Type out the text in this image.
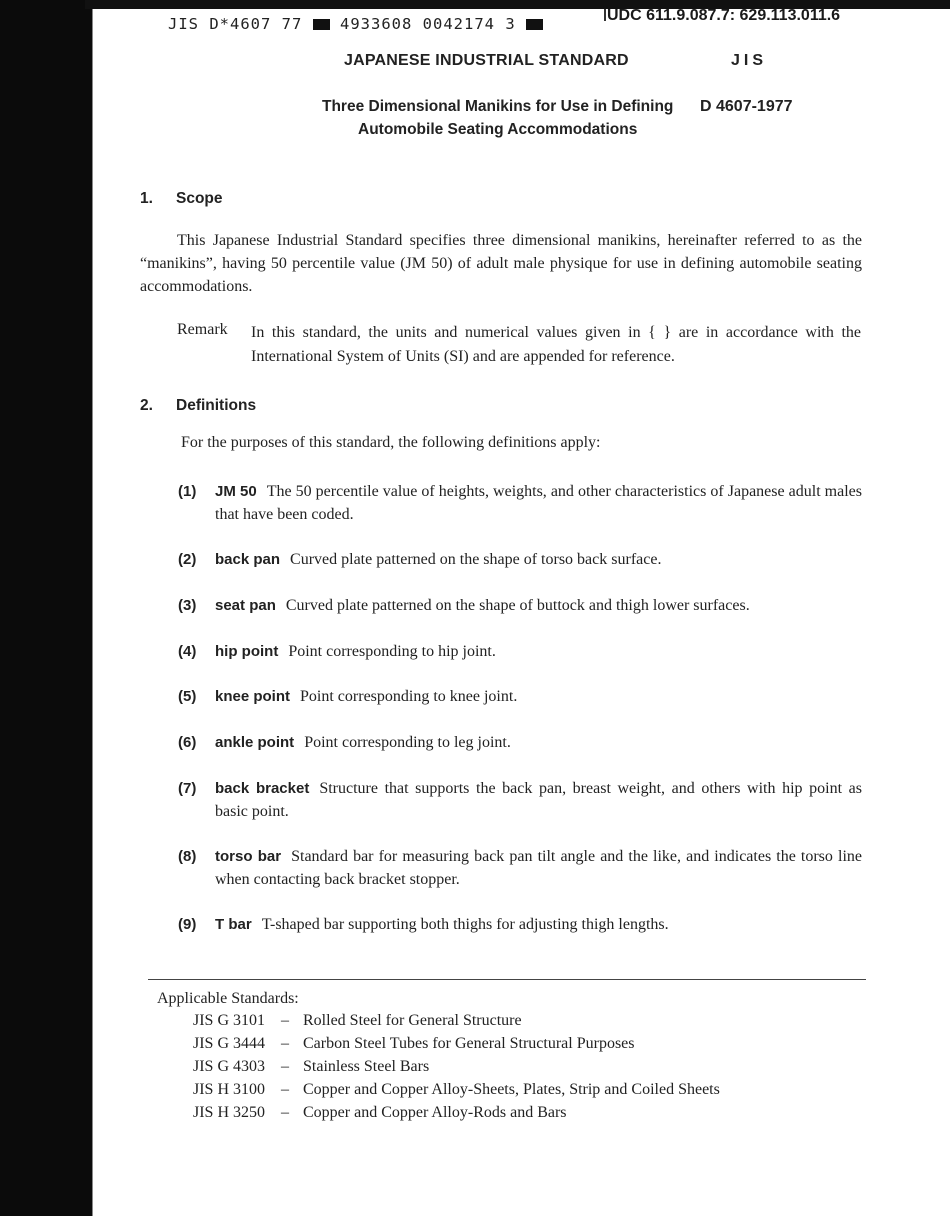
JIS D*4607 77 4933608 0042174 3	UDC 611.9.087.7: 629.113.011.6
JAPANESE INDUSTRIAL STANDARD	JIS
Three Dimensional Manikins for Use in Defining
Automobile Seating Accommodations
D 4607-1977
1. Scope
This Japanese Industrial Standard specifies three dimensional manikins, hereinafter referred to as the “manikins”, having 50 percentile value (JM 50) of adult male physique for use in defining automobile seating accommodations.
Remark In this standard, the units and numerical values given in { } are in accordance with the International System of Units (SI) and are appended for reference.
2. Definitions
For the purposes of this standard, the following definitions apply:
(1) JM 50 The 50 percentile value of heights, weights, and other characteristics of Japanese adult males that have been coded.
(2) back pan Curved plate patterned on the shape of torso back surface.
(3) seat pan Curved plate patterned on the shape of buttock and thigh lower surfaces.
(4) hip point Point corresponding to hip joint.
(5) knee point Point corresponding to knee joint.
(6) ankle point Point corresponding to leg joint.
(7) back bracket Structure that supports the back pan, breast weight, and others with hip point as basic point.
(8) torso bar Standard bar for measuring back pan tilt angle and the like, and indicates the torso line when contacting back bracket stopper.
(9) T bar T-shaped bar supporting both thighs for adjusting thigh lengths.
Applicable Standards:
JIS G 3101 – Rolled Steel for General Structure
JIS G 3444 – Carbon Steel Tubes for General Structural Purposes
JIS G 4303 – Stainless Steel Bars
JIS H 3100 – Copper and Copper Alloy-Sheets, Plates, Strip and Coiled Sheets
JIS H 3250 – Copper and Copper Alloy-Rods and Bars
